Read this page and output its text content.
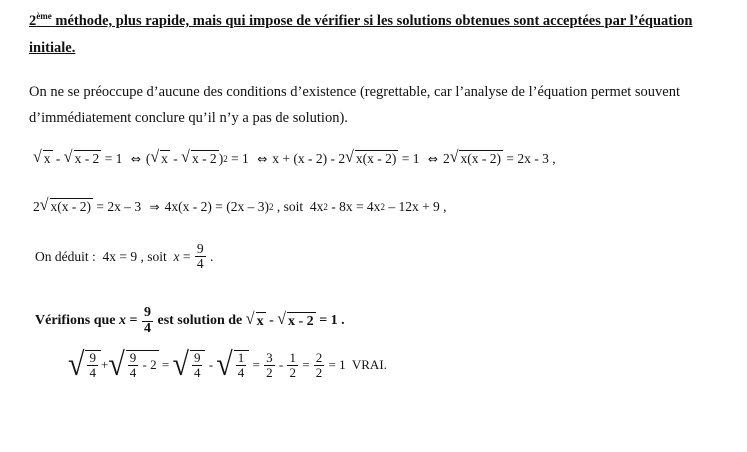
2ème méthode, plus rapide, mais qui impose de vérifier si les solutions obtenues sont acceptées par l’équation
initiale.
On ne se préoccupe d’aucune des conditions d’existence (regrettable, car l’analyse de l’équation permet souvent
d’immédiatement conclure qu’il n’y a pas de solution).
√ x - √ x - 2 = 1 ⇔ ( √ x - √ x - 2 ) 2 = 1 ⇔ x + (x - 2) - 2 √ x(x - 2) = 1 ⇔ 2 √ x(x - 2) = 2x - 3 ,
2 √ x(x - 2) = 2x – 3 ⇒ 4x(x - 2) = (2x – 3) 2 , soit  4x 2 - 8x = 4x 2 – 12x + 9 ,
On déduit :  4x = 9 , soit $x = \frac{9}{4}$ .
Vérifions que $x = \frac{9}{4}$ est solution de √ x - √ x - 2 = 1 .
√ $\frac{9}{4}$ + √ $\frac{9}{4} - 2$ = √ $\frac{9}{4}$ - √ $\frac{1}{4} = \frac{3}{2} - \frac{1}{2} = \frac{2}{2} = 1$  VRAI.
